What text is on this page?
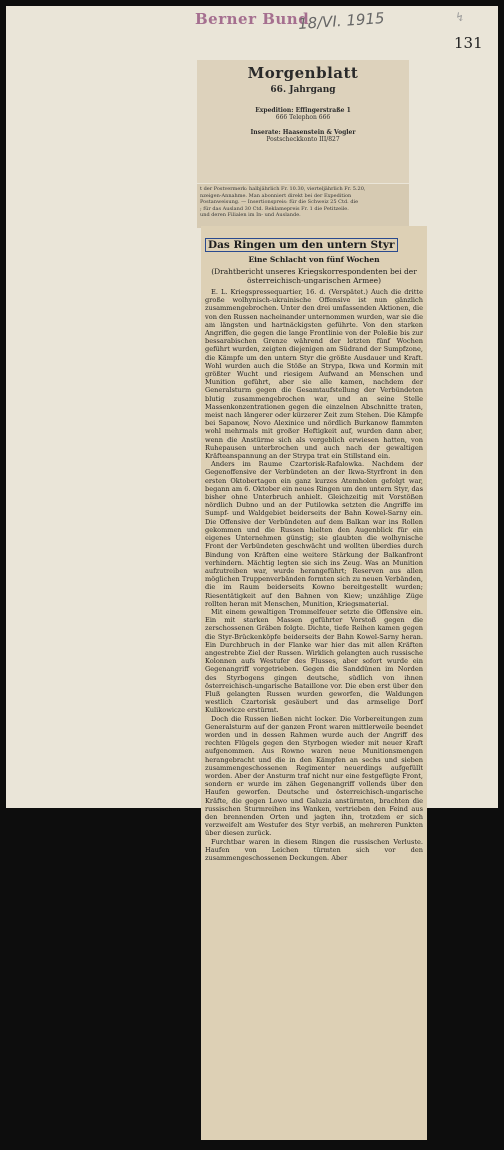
Berner Bund
18/VI. 1915
131
↯
Morgenblatt
66. Jahrgang
Expedition: Effingerstraße 1
666 Telephon 666
Inserate: Haasenstein & Vogler
Postscheckkonto III/827
t der Postvermerk: halbjährlich Fr. 10.30, vierteljährlich Fr. 5.20,
nzeigen-Annahme. Man abonniert direkt bei der Expedition
Postanweisung. — Insertionspreis: für die Schweiz 25 Ctd. die
; für das Ausland 30 Ctd. Reklamepreis Fr. 1 die Petitzeile.
und deren Filialen im In- und Auslande.
Das Ringen um den untern Styr
Eine Schlacht von fünf Wochen
(Drahtbericht unseres Kriegskorrespondenten bei der österreichisch-ungarischen Armee)

E. L. Kriegspressequartier, 16. d. (Verspätet.) Auch die dritte große wolhynisch-ukrainische Offensive ist nun gänzlich zusammengebrochen. Unter den drei umfassenden Aktionen, die von den Russen nacheinander unternommen wurden, war sie die am längsten und hartnäckigsten geführte. Von den starken Angriffen, die gegen die lange Frontlinie von der Poleßie bis zur bessarabischen Grenze während der letzten fünf Wochen geführt wurden, zeigten diejenigen am Südrand der Sumpfzone, die Kämpfe um den untern Styr die größte Ausdauer und Kraft. Wohl wurden auch die Stöße an Strypa, Ikwa und Kormin mit größter Wucht und riesigem Aufwand an Menschen und Munition geführt, aber sie alle kamen, nachdem der Generalsturm gegen die Gesamtaufstellung der Verbündeten blutig zusammengebrochen war, und an seine Stelle Massenkonzentrationen gegen die einzelnen Abschnitte traten, meist nach längerer oder kürzerer Zeit zum Stehen. Die Kämpfe bei Sapanow, Novo Alexinice und nördlich Burkanow flammten wohl mehrmals mit großer Heftigkeit auf, wurden dann aber, wenn die Anstürme sich als vergeblich erwiesen hatten, von Ruhepausen unterbrochen und auch nach der gewaltigen Kräfteanspannung an der Strypa trat ein Stillstand ein.

Anders im Raume Czartorisk-Rafalowka. Nachdem der Gegenoffensive der Verbündeten an der Ikwa-Styrfront in den ersten Oktobertagen ein ganz kurzes Atemholen gefolgt war, begann am 6. Oktober ein neues Ringen um den untern Styr, das bisher ohne Unterbruch anhielt. Gleichzeitig mit Vorstößen nördlich Dubno und an der Putilowka setzten die Angriffe im Sumpf- und Waldgebiet beiderseits der Bahn Kowel-Sarny ein. Die Offensive der Verbündeten auf dem Balkan war ins Rollen gekommen und die Russen hielten den Augenblick für ein eigenes Unternehmen günstig; sie glaubten die wolhynische Front der Verbündeten geschwächt und wollten überdies durch Bindung von Kräften eine weitere Stärkung der Balkanfront verhindern. Mächtig legten sie sich ins Zeug. Was an Munition aufzutreiben war, wurde herangeführt; Reserven aus allen möglichen Truppenverbänden formten sich zu neuen Verbänden, die im Raum beiderseits Kowno bereitgestellt wurden; Riesentätigkeit auf den Bahnen von Kiew; unzählige Züge rollten heran mit Menschen, Munition, Kriegsmaterial.

Mit einem gewaltigen Trommelfeuer setzte die Offensive ein. Ein mit starken Massen geführter Vorstoß gegen die zerschossenen Gräben folgte. Dichte, tiefe Reihen kamen gegen die Styr-Brückenköpfe beiderseits der Bahn Kowel-Sarny heran. Ein Durchbruch in der Flanke war hier das mit allen Kräften angestrebte Ziel der Russen. Wirklich gelangten auch russische Kolonnen aufs Westufer des Flusses, aber sofort wurde ein Gegenangriff vorgetrieben. Gegen die Sanddünen im Norden des Styrbogens gingen deutsche, südlich von ihnen österreichisch-ungarische Bataillone vor. Die eben erst über den Fluß gelangten Russen wurden geworfen, die Waldungen westlich Czartorisk gesäubert und das armselige Dorf Kulikowicze erstürmt.

Doch die Russen ließen nicht locker. Die Vorbereitungen zum Generalsturm auf der ganzen Front waren mittlerweile beendet worden und in dessen Rahmen wurde auch der Angriff des rechten Flügels gegen den Styrbogen wieder mit neuer Kraft aufgenommen. Aus Rowno waren neue Munitionsmengen herangebracht und die in den Kämpfen an sechs und sieben zusammengeschossenen Regimenter neuerdings aufgefüllt worden. Aber der Ansturm traf nicht nur eine festgefügte Front, sondern er wurde im zähen Gegenangriff vollends über den Haufen geworfen. Deutsche und österreichisch-ungarische Kräfte, die gegen Lowo und Galuzia anstürmten, brachten die russischen Sturmreihen ins Wanken, vertrieben den Feind aus den brennenden Orten und jagten ihn, trotzdem er sich verzweifelt am Westufer des Styr verbiß, an mehreren Punkten über diesen zurück.

Furchtbar waren in diesem Ringen die russischen Verluste. Haufen von Leichen türmten sich vor den zusammengeschossenen Deckungen. Aber
